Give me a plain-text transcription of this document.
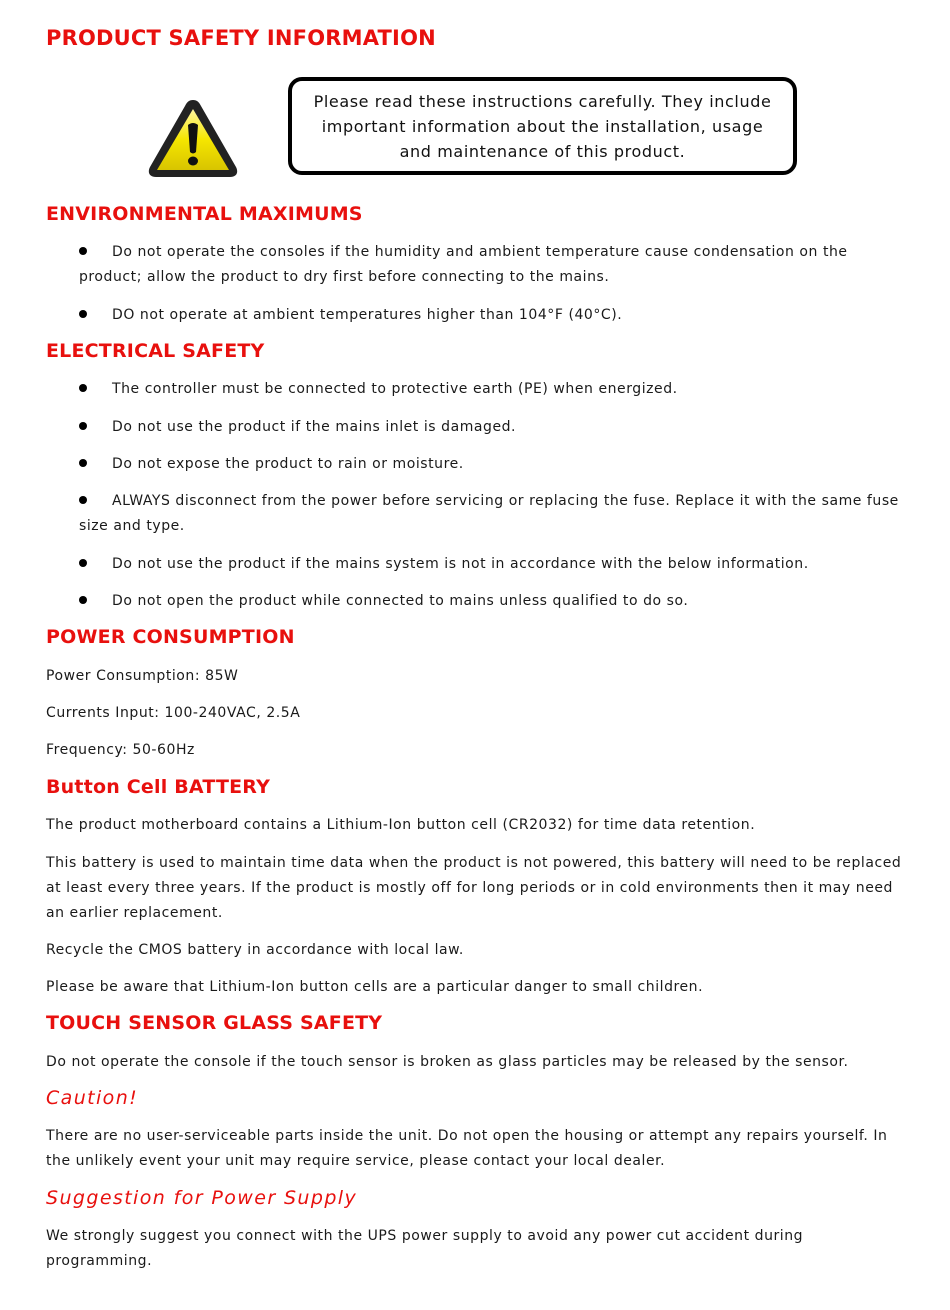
PRODUCT SAFETY INFORMATION
Please read these instructions carefully. They include important information about the installation, usage and maintenance of this product.
ENVIRONMENTAL MAXIMUMS

Do not operate the consoles if the humidity and ambient temperature cause condensation on the product; allow the product to dry first before connecting to the mains.

DO not operate at ambient temperatures higher than 104°F (40°C).

ELECTRICAL SAFETY

The controller must be connected to protective earth (PE) when energized.

Do not use the product if the mains inlet is damaged.

Do not expose the product to rain or moisture.

ALWAYS disconnect from the power before servicing or replacing the fuse. Replace it with the same fuse size and type.

Do not use the product if the mains system is not in accordance with the below information.

Do not open the product while connected to mains unless qualified to do so.

POWER CONSUMPTION

Power Consumption: 85W

Currents Input: 100-240VAC, 2.5A

Frequency: 50-60Hz

Button Cell BATTERY

The product motherboard contains a Lithium-Ion button cell (CR2032) for time data retention.

This battery is used to maintain time data when the product is not powered, this battery will need to be replaced at least every three years. If the product is mostly off for long periods or in cold environments then it may need an earlier replacement.

Recycle the CMOS battery in accordance with local law.

Please be aware that Lithium-Ion button cells are a particular danger to small children.

TOUCH SENSOR GLASS SAFETY

Do not operate the console if the touch sensor is broken as glass particles may be released by the sensor.

Caution!

There are no user-serviceable parts inside the unit. Do not open the housing or attempt any repairs yourself. In the unlikely event your unit may require service, please contact your local dealer.

Suggestion for Power Supply

We strongly suggest you connect with the UPS power supply to avoid any power cut accident during programming.
